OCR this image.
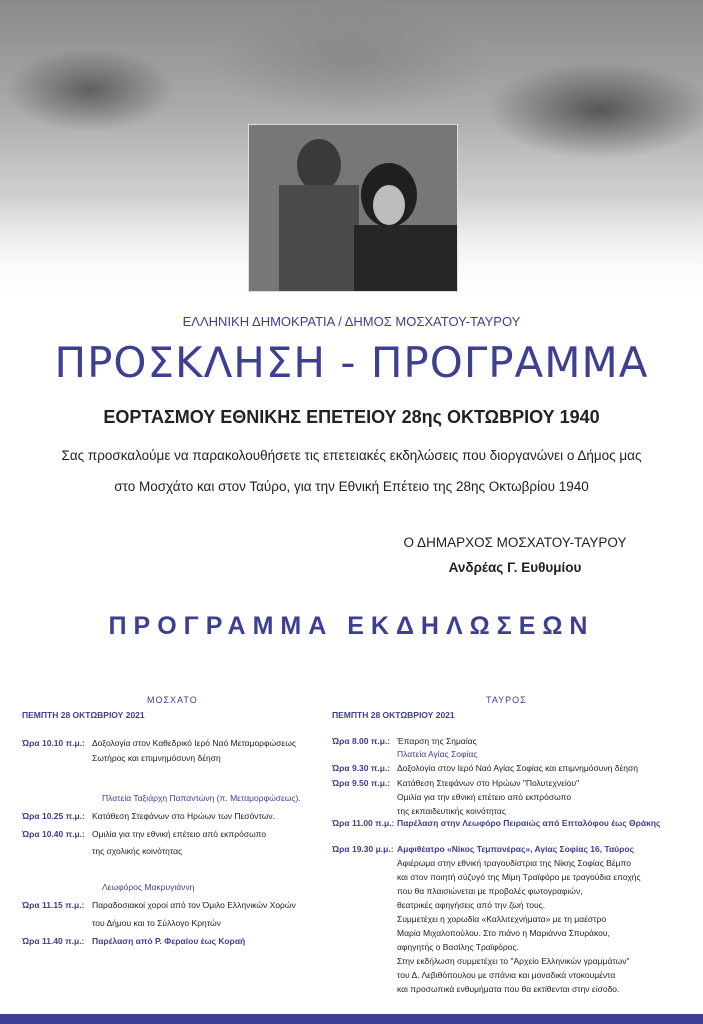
ΕΛΛΗΝΙΚΗ ΔΗΜΟΚΡΑΤΙΑ / ΔΗΜΟΣ ΜΟΣΧΑΤΟΥ-ΤΑΥΡΟΥ
ΠΡΟΣΚΛΗΣΗ - ΠΡΟΓΡΑΜΜΑ
ΕΟΡΤΑΣΜΟΥ ΕΘΝΙΚΗΣ ΕΠΕΤΕΙΟΥ 28ης ΟΚΤΩΒΡΙΟΥ 1940
Σας προσκαλούμε να παρακολουθήσετε τις επετειακές εκδηλώσεις που διοργανώνει ο Δήμος μας
στο Μοσχάτο και στον Ταύρο, για την Εθνική Επέτειο της 28ης Οκτωβρίου 1940
Ο ΔΗΜΑΡΧΟΣ ΜΟΣΧΑΤΟΥ-ΤΑΥΡΟΥ
Ανδρέας Γ. Ευθυμίου
ΠΡΟΓΡΑΜΜΑ ΕΚΔΗΛΩΣΕΩΝ
ΜΟΣΧΑΤΟ
ΠΕΜΠΤΗ 28 ΟΚΤΩΒΡΙΟΥ 2021
Ώρα 10.10 π.μ.: Δοξολογία στον Καθεδρικό Ιερό Ναό Μεταμορφώσεως
Σωτήρος και επιμνημόσυνη δέηση
Πλατεία Ταξιάρχη Παπαντώνη (π. Μεταμορφώσεως).
Ώρα 10.25 π.μ.: Κατάθεση Στεφάνων στο Ηρώων των Πεσόντων.
Ώρα 10.40 π.μ.: Ομιλία για την εθνική επέτειο από εκπρόσωπο
της σχολικής κοινότητας
Λεωφόρος Μακρυγιάννη
Ώρα 11.15 π.μ.: Παραδοσιακοί χοροί από τον Όμιλο Ελληνικών Χορών
του Δήμου και το Σύλλογο Κρητών
Ώρα 11.40 π.μ.: Παρέλαση από Ρ. Φεραίου έως Κοραή
ΤΑΥΡΟΣ
ΠΕΜΠΤΗ 28 ΟΚΤΩΒΡΙΟΥ 2021
Ώρα 8.00 π.μ.: Έπαρση της Σημαίας
Πλατεία Αγίας Σοφίας
Ώρα 9.30 π.μ.: Δοξολογία στον Ιερό Ναό Αγίας Σοφίας και επιμνημόσυνη δέηση
Ώρα 9.50 π.μ.: Κατάθεση Στεφάνων στο Ηρώων "Πολυτεχνείου"
Ομιλία για την εθνική επέτειο από εκπρόσωπο
της εκπαιδευτικής κοινότητας
Ώρα 11.00 π.μ.: Παρέλαση στην Λεωφόρο Πειραιώς από Επταλόφου έως Θράκης
Ώρα 19.30 μ.μ.: Αμφιθέατρο «Νίκος Τεμπονέρας», Αγίας Σοφίας 16, Ταύρος
Αφιέρωμα στην εθνική τραγουδίστρια της Νίκης Σοφίας Βέμπο
και στον ποιητή σύζυγό της Μίμη Τραϊφόρο με τραγούδια εποχής
που θα πλαισιώνεται με προβολές φωτογραφιών,
θεατρικές αφηγήσεις από την ζωή τους.
Συμμετέχει η χορωδία «Καλλιτεχνήματα» με τη μαέστρο
Μαρία Μιχαλοπούλου. Στο πιάνο η Μαριάννα Σπυράκου,
αφηγητής ο Βασίλης Τραϊφόρος.
Στην εκδήλωση συμμετέχει το "Αρχείο Ελληνικών γραμμάτων"
του Δ. Λεβιθόπουλου με σπάνια και μοναδικά ντοκουμέντα
και προσωπικά ενθυμήματα που θα εκτίθενται στην είσοδο.
